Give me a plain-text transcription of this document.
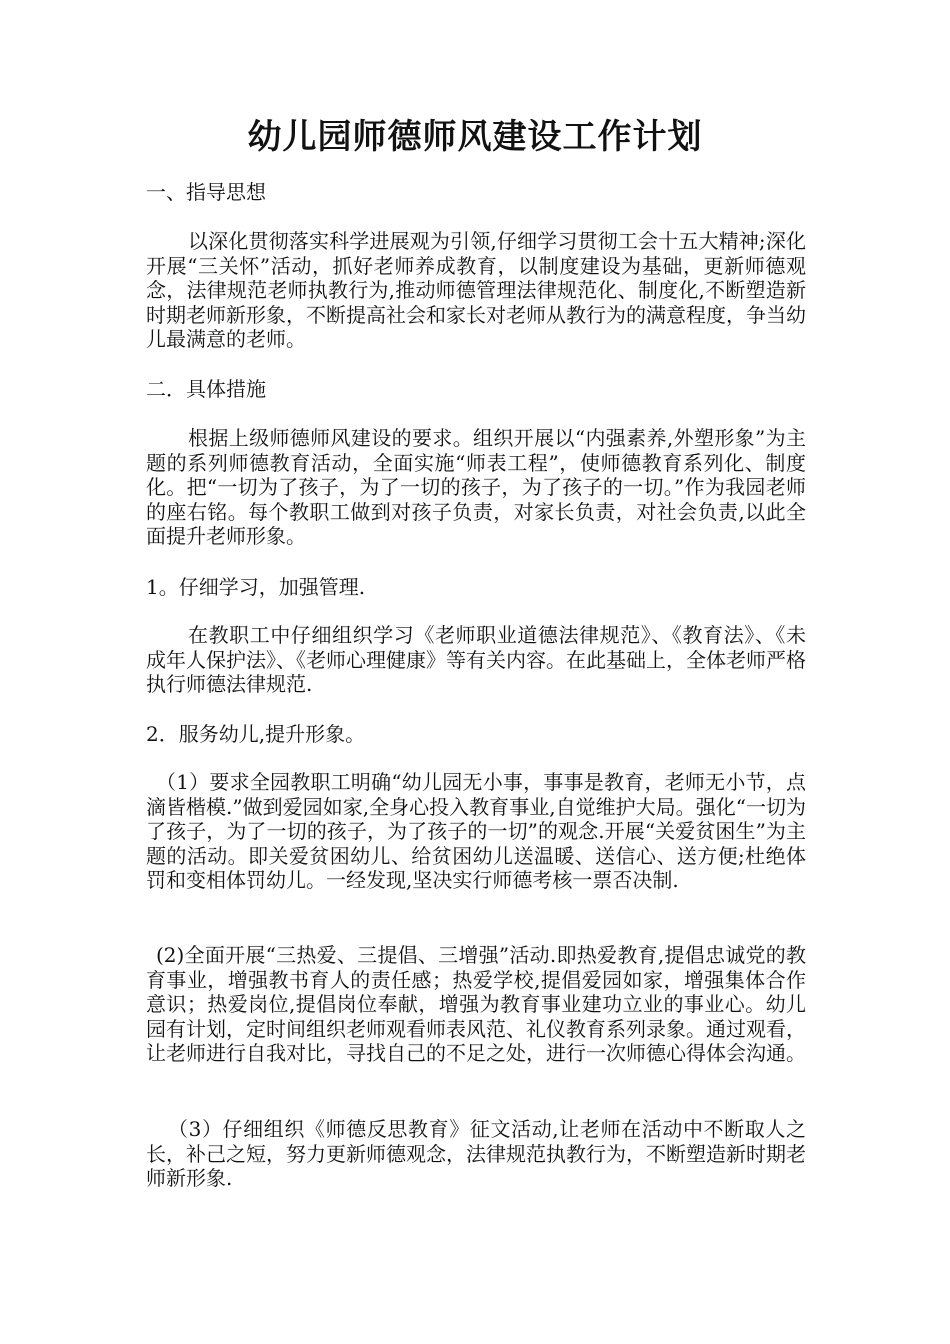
幼儿园师德师风建设工作计划
一、指导思想
以深化贯彻落实科学进展观为引领,仔细学习贯彻工会十五大精神;深化开展“三关怀”活动，抓好老师养成教育，以制度建设为基础，更新师德观念，法律规范老师执教行为,推动师德管理法律规范化、制度化,不断塑造新时期老师新形象，不断提高社会和家长对老师从教行为的满意程度，争当幼儿最满意的老师。
二．具体措施
根据上级师德师风建设的要求。组织开展以“内强素养,外塑形象”为主题的系列师德教育活动，全面实施“师表工程”，使师德教育系列化、制度化。把“一切为了孩子，为了一切的孩子，为了孩子的一切。”作为我园老师的座右铭。每个教职工做到对孩子负责，对家长负责，对社会负责,以此全面提升老师形象。
1。仔细学习，加强管理.
在教职工中仔细组织学习《老师职业道德法律规范》、《教育法》、《未成年人保护法》、《老师心理健康》等有关内容。在此基础上，全体老师严格执行师德法律规范.
2．服务幼儿,提升形象。
（1）要求全园教职工明确“幼儿园无小事，事事是教育，老师无小节，点滴皆楷模.”做到爱园如家,全身心投入教育事业,自觉维护大局。强化“一切为了孩子，为了一切的孩子，为了孩子的一切”的观念.开展“关爱贫困生”为主题的活动。即关爱贫困幼儿、给贫困幼儿送温暖、送信心、送方便;杜绝体罚和变相体罚幼儿。一经发现,坚决实行师德考核一票否决制.
(2)全面开展“三热爱、三提倡、三增强”活动.即热爱教育,提倡忠诚党的教育事业，增强教书育人的责任感；热爱学校,提倡爱园如家，增强集体合作意识；热爱岗位,提倡岗位奉献，增强为教育事业建功立业的事业心。幼儿园有计划，定时间组织老师观看师表风范、礼仪教育系列录象。通过观看，让老师进行自我对比，寻找自己的不足之处，进行一次师德心得体会沟通。
（3）仔细组织《师德反思教育》征文活动,让老师在活动中不断取人之长，补己之短，努力更新师德观念，法律规范执教行为，不断塑造新时期老师新形象.
